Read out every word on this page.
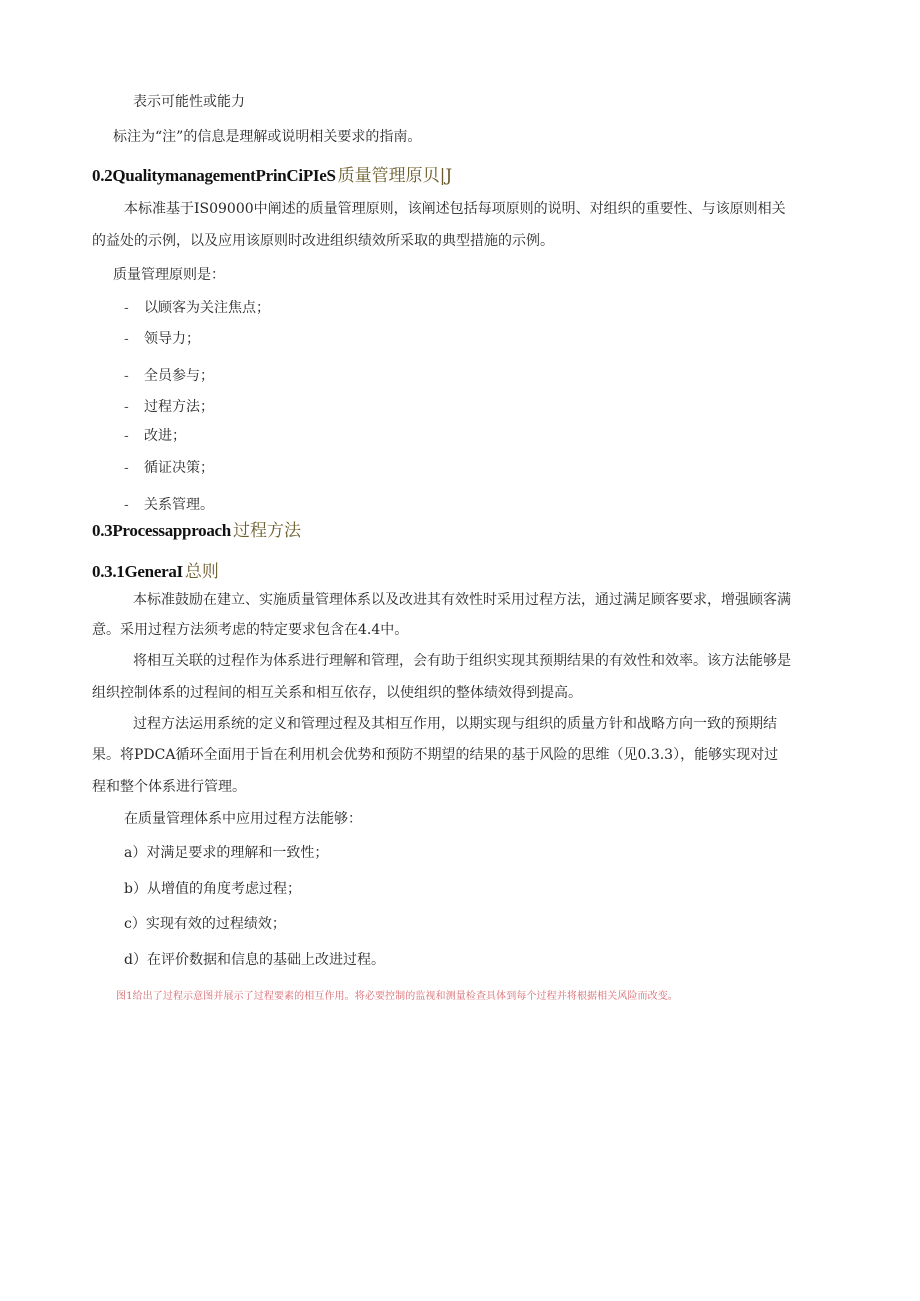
表示可能性或能力
标注为“注”的信息是理解或说明相关要求的指南。
0.2QualitymanagementPrinCiPIeS 质量管理原贝|J
本标准基于IS09000中阐述的质量管理原则，该阐述包括每项原则的说明、对组织的重要性、与该原则相关
的益处的示例，以及应用该原则时改进组织绩效所采取的典型措施的示例。
质量管理原则是：
- 以顾客为关注焦点；
- 领导力；
- 全员参与；
- 过程方法；
- 改进；
- 循证决策；
- 关系管理。
0.3Processapproach 过程方法
0.3.1GeneraI 总则
本标准鼓励在建立、实施质量管理体系以及改进其有效性时采用过程方法，通过满足顾客要求，增强顾客满
意。采用过程方法须考虑的特定要求包含在4.4中。
将相互关联的过程作为体系进行理解和管理，会有助于组织实现其预期结果的有效性和效率。该方法能够是
组织控制体系的过程间的相互关系和相互依存，以使组织的整体绩效得到提高。
过程方法运用系统的定义和管理过程及其相互作用，以期实现与组织的质量方针和战略方向一致的预期结
果。将PDCA循环全面用于旨在利用机会优势和预防不期望的结果的基于风险的思维（见0.3.3），能够实现对过
程和整个体系进行管理。
在质量管理体系中应用过程方法能够：
a）对满足要求的理解和一致性；
b）从增值的角度考虑过程；
c）实现有效的过程绩效；
d）在评价数据和信息的基础上改进过程。
图1给出了过程示意图并展示了过程要素的相互作用。将必要控制的监视和测量检查具体到每个过程并将根据相关风险而改变。
